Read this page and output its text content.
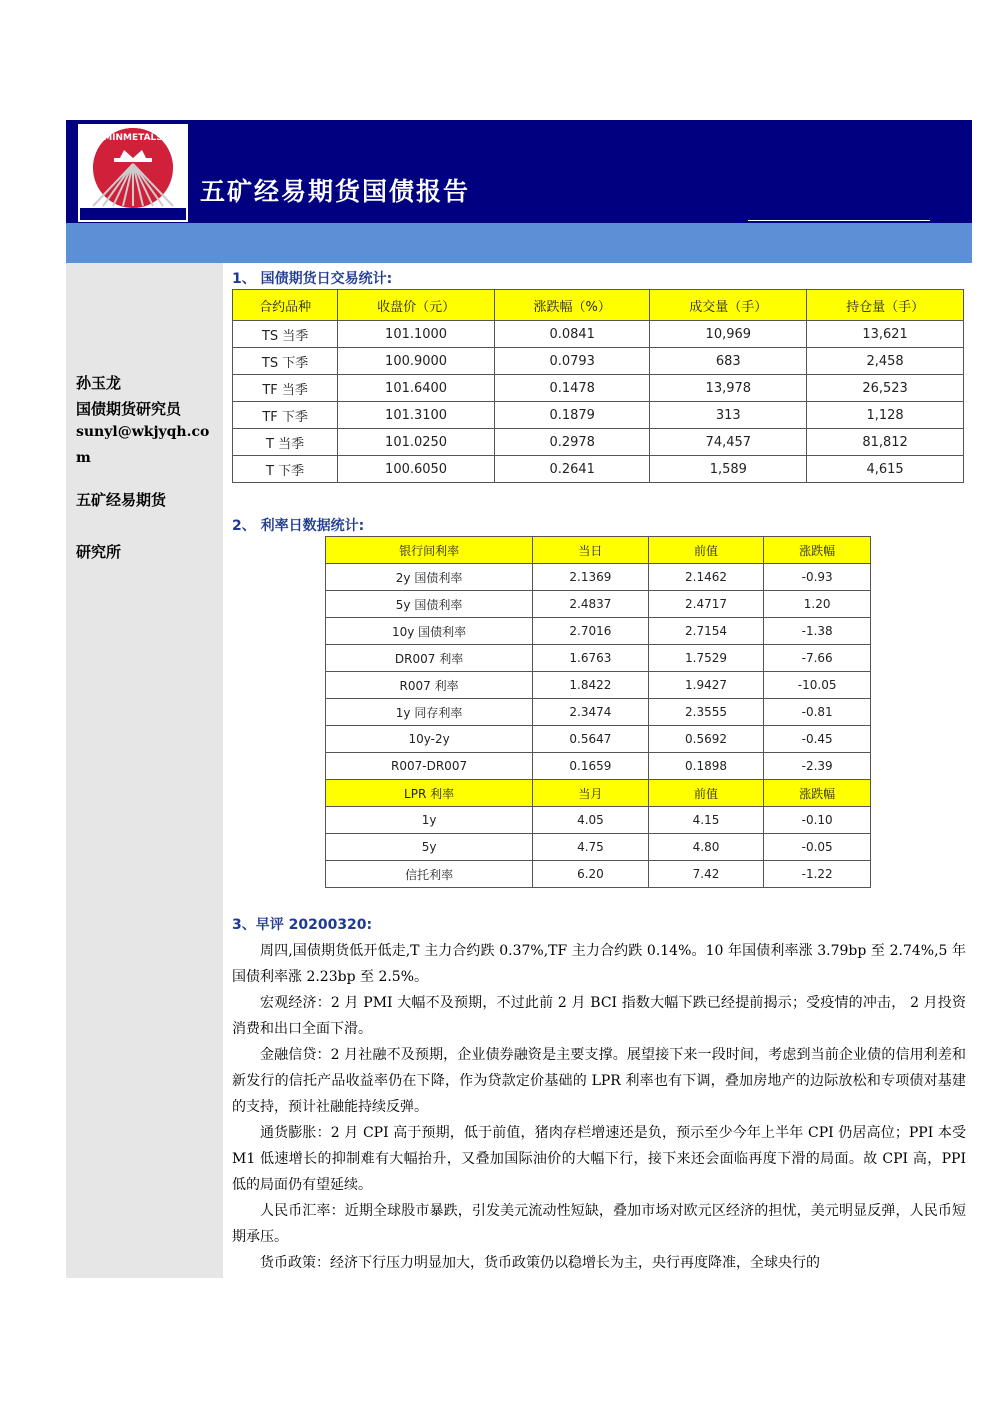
MINMETALS
五矿经易期货国债报告
孙玉龙
国债期货研究员
sunyl@wkjyqh.co
m
五矿经易期货
研究所
1、 国债期货日交易统计:
合约品种	收盘价（元）	涨跌幅（%）	成交量（手）	持仓量（手）
TS 当季	101.1000	0.0841	10,969	13,621
TS 下季	100.9000	0.0793	683	2,458
TF 当季	101.6400	0.1478	13,978	26,523
TF 下季	101.3100	0.1879	313	1,128
T 当季	101.0250	0.2978	74,457	81,812
T 下季	100.6050	0.2641	1,589	4,615
2、 利率日数据统计:
银行间利率	当日	前值	涨跌幅
2y 国债利率	2.1369	2.1462	-0.93
5y 国债利率	2.4837	2.4717	1.20
10y 国债利率	2.7016	2.7154	-1.38
DR007 利率	1.6763	1.7529	-7.66
R007 利率	1.8422	1.9427	-10.05
1y 同存利率	2.3474	2.3555	-0.81
10y-2y	0.5647	0.5692	-0.45
R007-DR007	0.1659	0.1898	-2.39
LPR 利率	当月	前值	涨跌幅
1y	4.05	4.15	-0.10
5y	4.75	4.80	-0.05
信托利率	6.20	7.42	-1.22
3、早评 20200320:

周四,国债期货低开低走,T 主力合约跌 0.37%,TF 主力合约跌 0.14%。10 年国债利率涨 3.79bp 至 2.74%,5 年国债利率涨 2.23bp 至 2.5%。

宏观经济：2 月 PMI 大幅不及预期，不过此前 2 月 BCI 指数大幅下跌已经提前揭示；受疫情的冲击， 2 月投资消费和出口全面下滑。

金融信贷：2 月社融不及预期，企业债券融资是主要支撑。展望接下来一段时间，考虑到当前企业债的信用利差和新发行的信托产品收益率仍在下降，作为贷款定价基础的 LPR 利率也有下调，叠加房地产的边际放松和专项债对基建的支持，预计社融能持续反弹。

通货膨胀：2 月 CPI 高于预期，低于前值，猪肉存栏增速还是负，预示至少今年上半年 CPI 仍居高位；PPI 本受 M1 低速增长的抑制难有大幅抬升，又叠加国际油价的大幅下行，接下来还会面临再度下滑的局面。故 CPI 高，PPI 低的局面仍有望延续。

人民币汇率：近期全球股市暴跌，引发美元流动性短缺，叠加市场对欧元区经济的担忧，美元明显反弹，人民币短期承压。

货币政策：经济下行压力明显加大，货币政策仍以稳增长为主，央行再度降准，全球央行的
